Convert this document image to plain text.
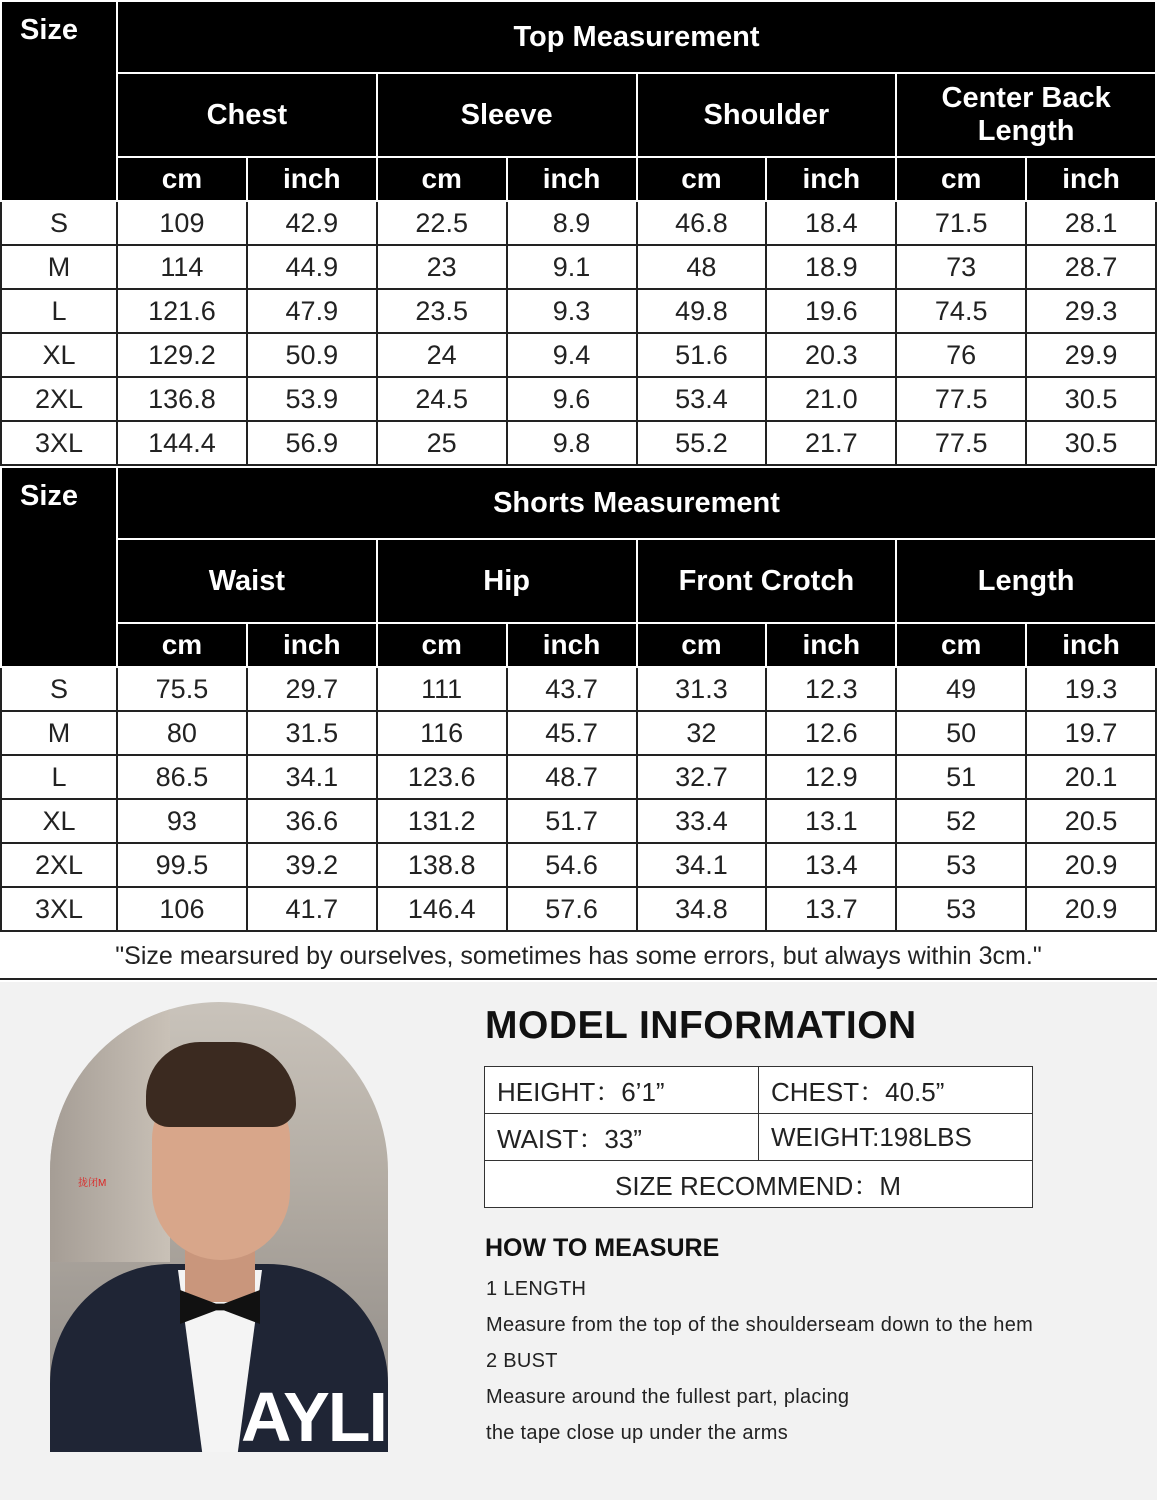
Size	Top Measurement							
	Chest		Sleeve		Shoulder		Center Back Length	
	cm	inch	cm	inch	cm	inch	cm	inch
S	109	42.9	22.5	8.9	46.8	18.4	71.5	28.1
M	114	44.9	23	9.1	48	18.9	73	28.7
L	121.6	47.9	23.5	9.3	49.8	19.6	74.5	29.3
XL	129.2	50.9	24	9.4	51.6	20.3	76	29.9
2XL	136.8	53.9	24.5	9.6	53.4	21.0	77.5	30.5
3XL	144.4	56.9	25	9.8	55.2	21.7	77.5	30.5
Size	Shorts Measurement							
	Waist		Hip		Front Crotch		Length	
	cm	inch	cm	inch	cm	inch	cm	inch
S	75.5	29.7	111	43.7	31.3	12.3	49	19.3
M	80	31.5	116	45.7	32	12.6	50	19.7
L	86.5	34.1	123.6	48.7	32.7	12.9	51	20.1
XL	93	36.6	131.2	51.7	33.4	13.1	52	20.5
2XL	99.5	39.2	138.8	54.6	34.1	13.4	53	20.9
3XL	106	41.7	146.4	57.6	34.8	13.7	53	20.9
"Size mearsured by ourselves, sometimes has some errors, but always within 3cm."
拢闭M
AYLI
MODEL INFORMATION
HEIGHT：6’1”	CHEST：40.5”
WAIST：33”	WEIGHT:198LBS
SIZE RECOMMEND：M	
HOW TO MEASURE
1 LENGTH
Measure from the top of the shoulderseam down to the hem
2 BUST
Measure around the fullest part, placing
the tape close up under the arms
